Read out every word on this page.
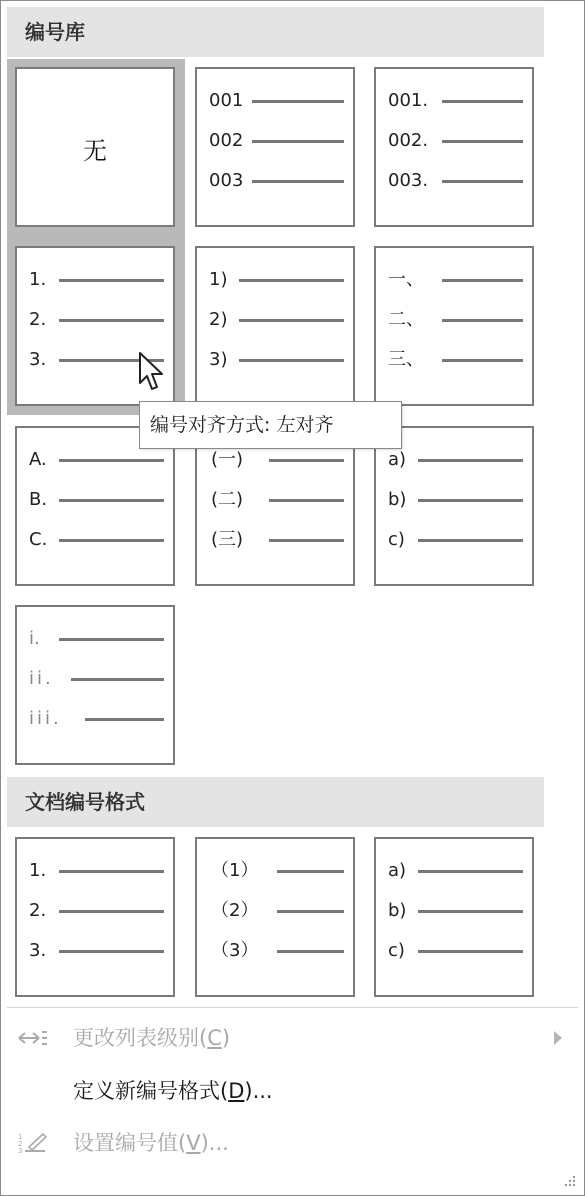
编号库
无
001
002
003
001.
002.
003.
1.
2.
3.
1)
2)
3)
一、
二、
三、
A.
B.
C.
(一)
(二)
(三)
a)
b)
c)
i.
ii.
iii.
编号对齐方式: 左对齐
文档编号格式
1.
2.
3.
（1）
（2）
（3）
a)
b)
c)
更改列表级别(C)
定义新编号格式(D)...
1
2
3 设置编号值(V)...
